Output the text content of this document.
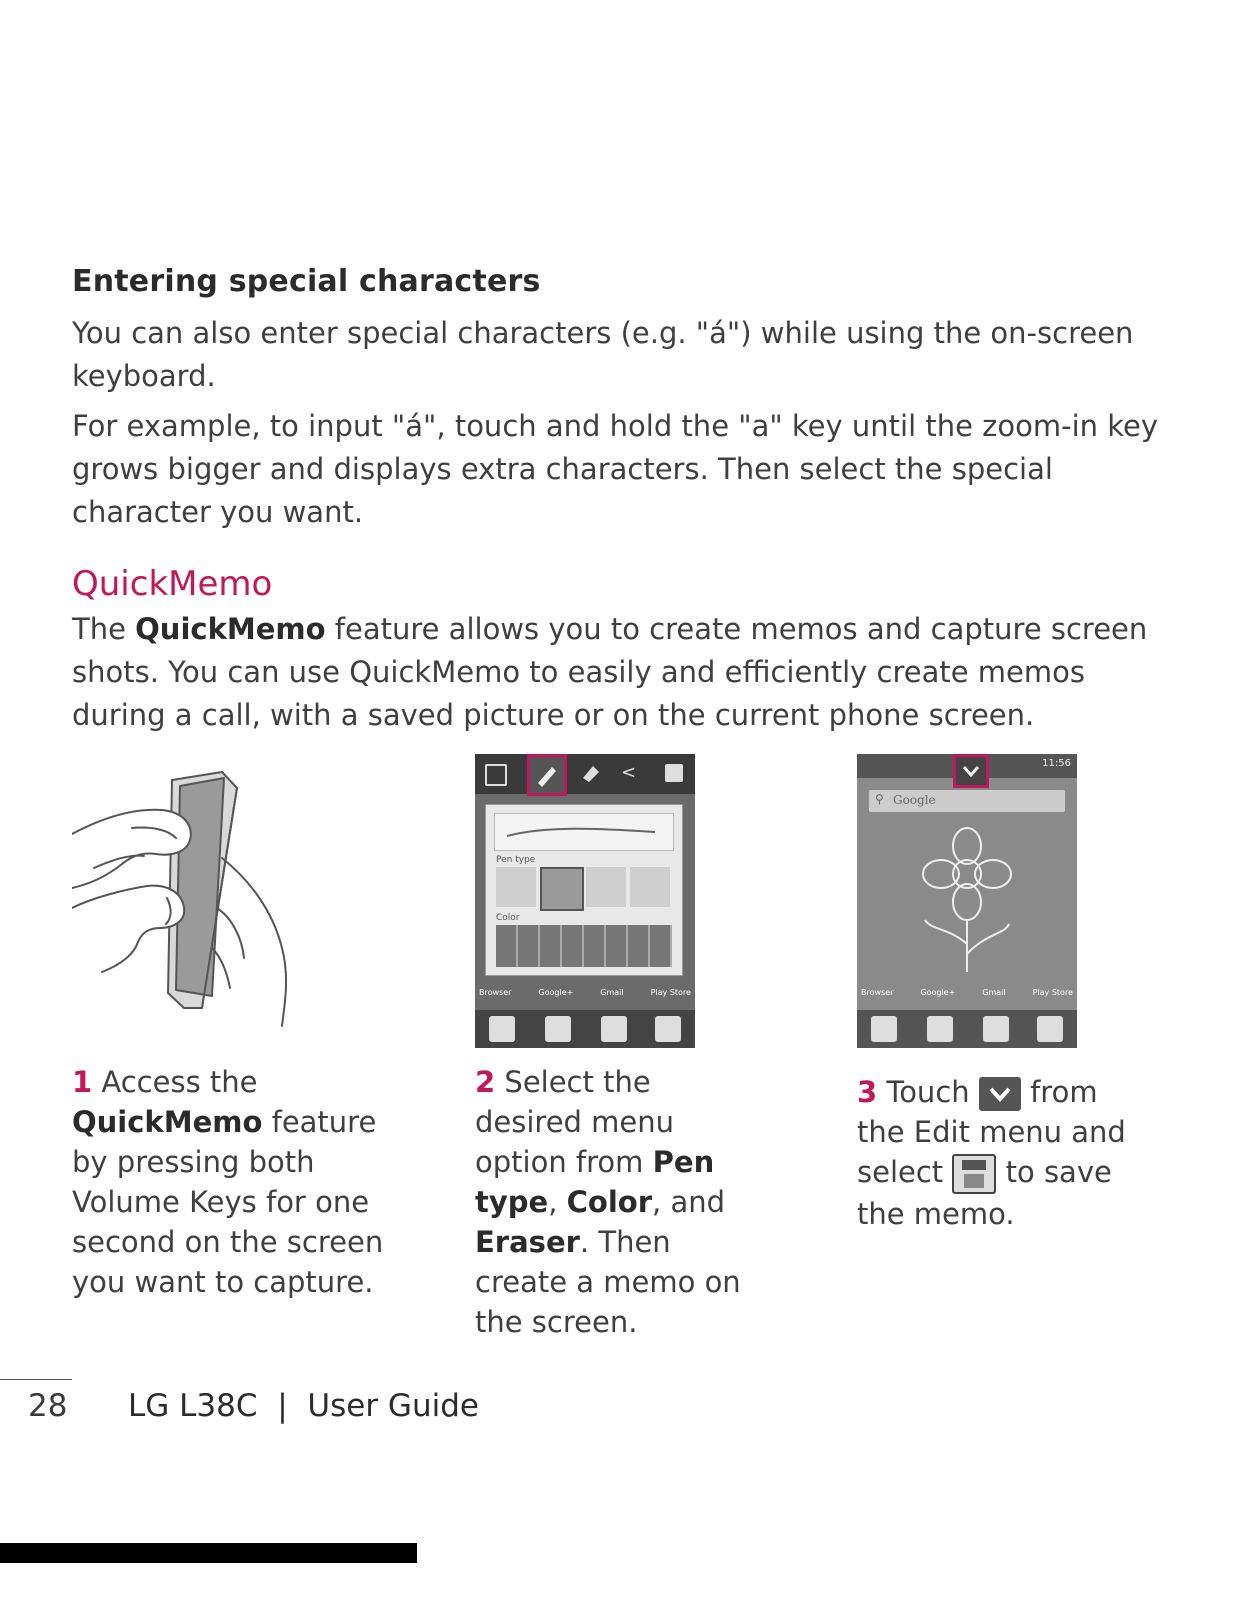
Entering special characters

You can also enter special characters (e.g. "á") while using the on-screen keyboard.

For example, to input "á", touch and hold the "a" key until the zoom-in key grows bigger and displays extra characters. Then select the special character you want.

QuickMemo

The QuickMemo feature allows you to create memos and capture screen shots. You can use QuickMemo to easily and efficiently create memos during a call, with a saved picture or on the current phone screen.

<
Pen type
Color
Browser	Google+	Gmail	Play Store
11:56
⚲ Google
Browser	Google+	Gmail	Play Store

1 Access the QuickMemo feature by pressing both Volume Keys for one second on the screen you want to capture.

2 Select the desired menu option from Pen type, Color, and Eraser. Then create a memo on the screen.

3 Touch from the Edit menu and select to save the memo.

28 LG L38C | User Guide
